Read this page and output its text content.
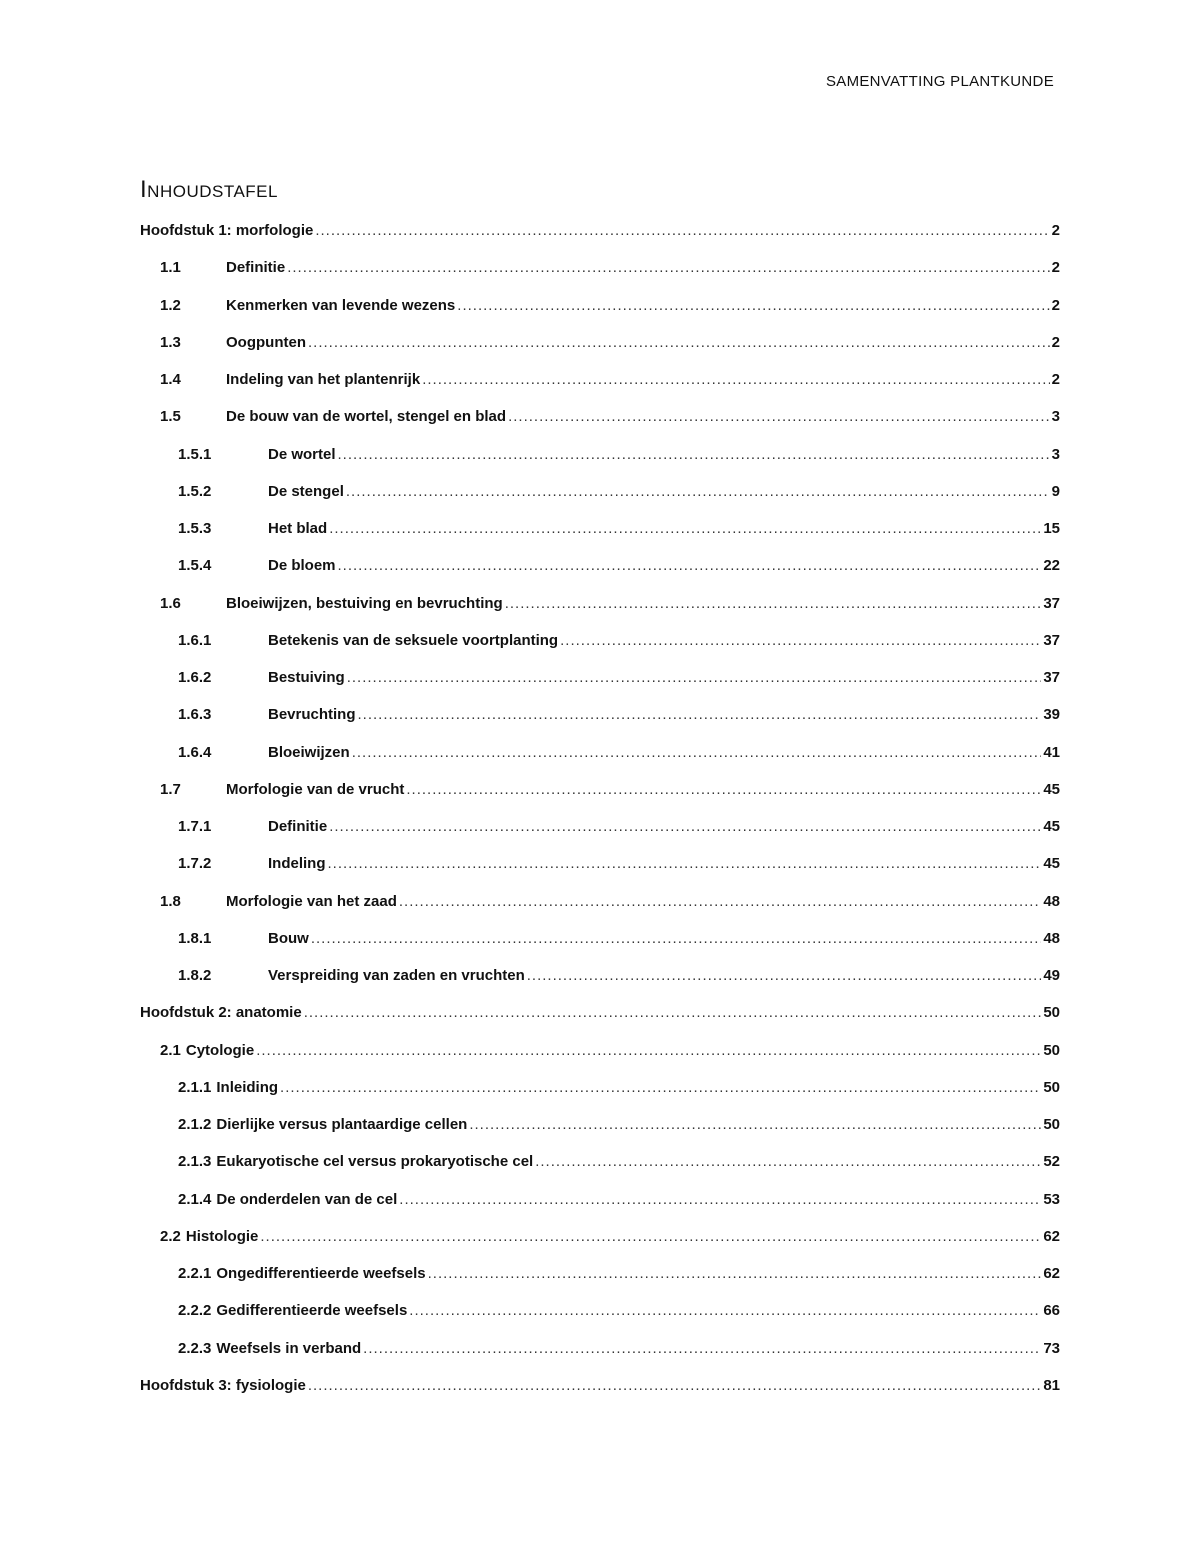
SAMENVATTING PLANTKUNDE
Inhoudstafel
Hoofdstuk 1: morfologie .....	2
1.1	Definitie .....	2
1.2	Kenmerken van levende wezens .....	2
1.3	Oogpunten .....	2
1.4	Indeling van het plantenrijk .....	2
1.5	De bouw van de wortel, stengel en blad .....	3
1.5.1	De wortel .....	3
1.5.2	De stengel .....	9
1.5.3	Het blad .....	15
1.5.4	De bloem .....	22
1.6	Bloeiwijzen, bestuiving en bevruchting .....	37
1.6.1	Betekenis van de seksuele voortplanting .....	37
1.6.2	Bestuiving .....	37
1.6.3	Bevruchting .....	39
1.6.4	Bloeiwijzen .....	41
1.7	Morfologie van de vrucht .....	45
1.7.1	Definitie .....	45
1.7.2	Indeling .....	45
1.8	Morfologie van het zaad .....	48
1.8.1	Bouw .....	48
1.8.2	Verspreiding van zaden en vruchten .....	49
Hoofdstuk 2: anatomie .....	50
2.1 Cytologie .....	50
2.1.1 Inleiding .....	50
2.1.2 Dierlijke versus plantaardige cellen .....	50
2.1.3 Eukaryotische cel versus prokaryotische cel .....	52
2.1.4 De onderdelen van de cel .....	53
2.2 Histologie .....	62
2.2.1 Ongedifferentieerde weefsels .....	62
2.2.2 Gedifferentieerde weefsels .....	66
2.2.3 Weefsels in verband .....	73
Hoofdstuk 3: fysiologie .....	81
